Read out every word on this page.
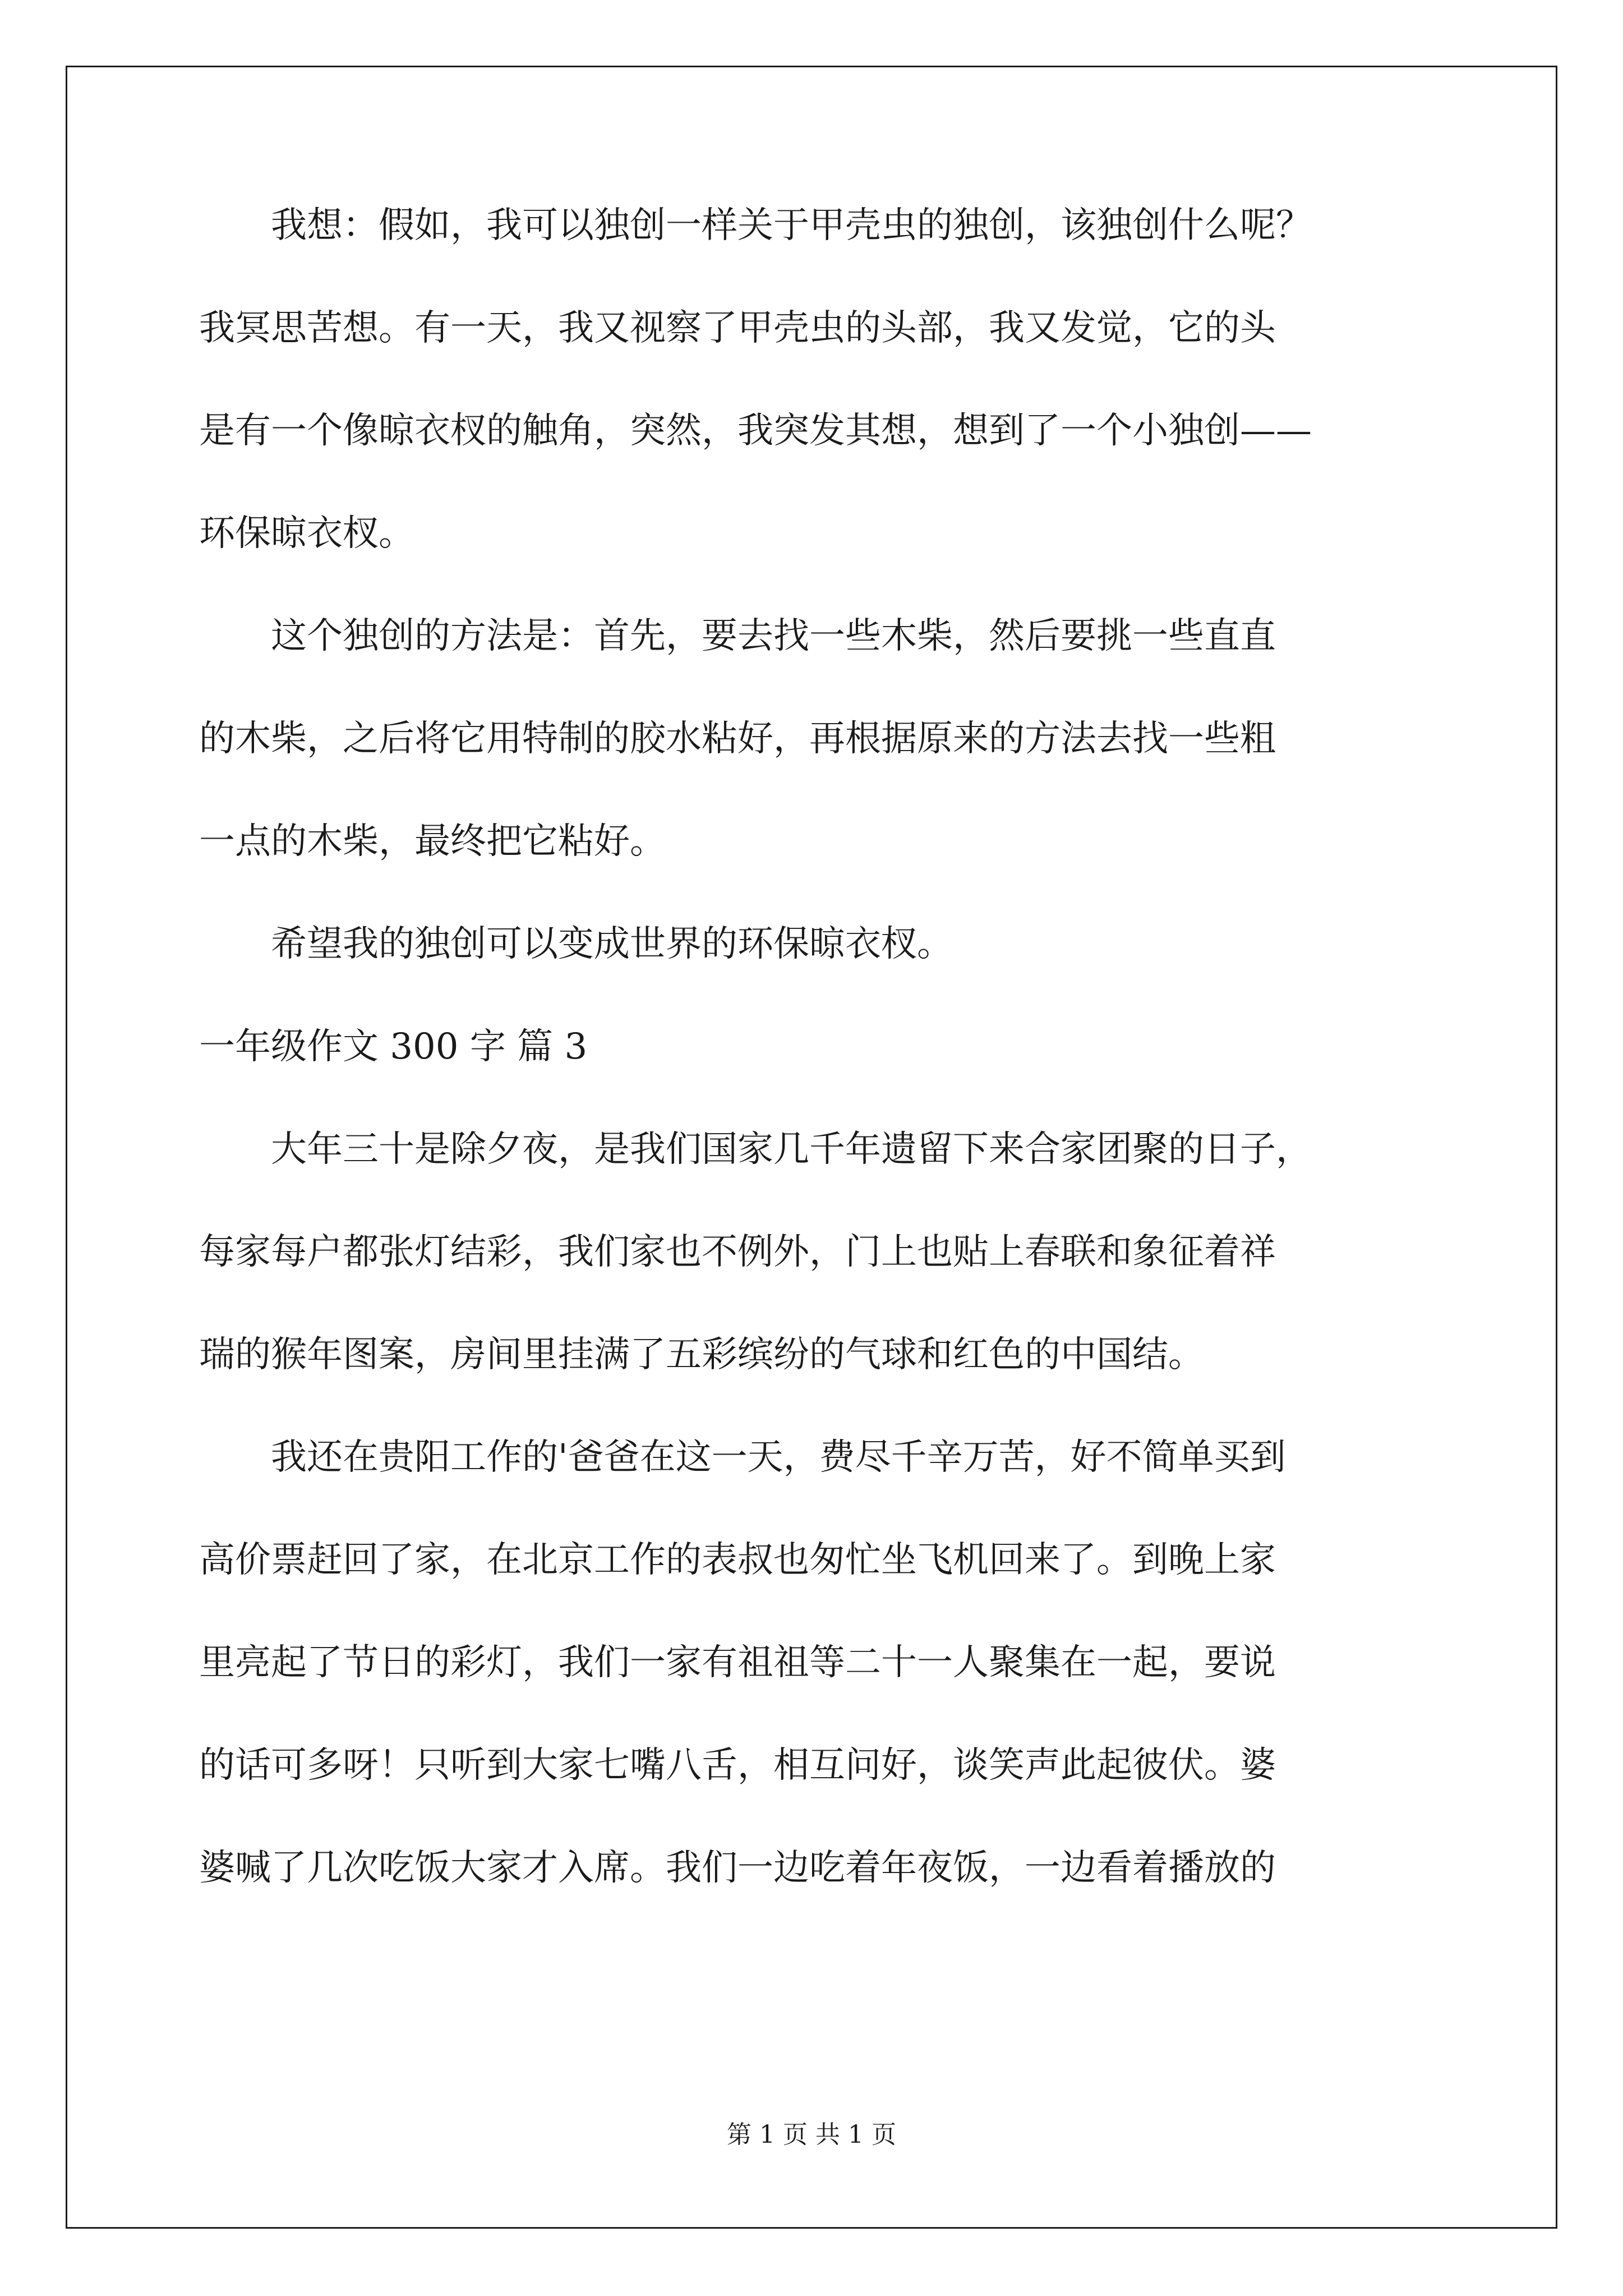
　　我想：假如，我可以独创一样关于甲壳虫的独创，该独创什么呢？
我冥思苦想。有一天，我又视察了甲壳虫的头部，我又发觉，它的头
是有一个像晾衣杈的触角，突然，我突发其想，想到了一个小独创——
环保晾衣杈。
　　这个独创的方法是：首先，要去找一些木柴，然后要挑一些直直
的木柴，之后将它用特制的胶水粘好，再根据原来的方法去找一些粗
一点的木柴，最终把它粘好。
　　希望我的独创可以变成世界的环保晾衣杈。
一年级作文 300 字 篇 3
　　大年三十是除夕夜，是我们国家几千年遗留下来合家团聚的日子，
每家每户都张灯结彩，我们家也不例外，门上也贴上春联和象征着祥
瑞的猴年图案，房间里挂满了五彩缤纷的气球和红色的中国结。
　　我还在贵阳工作的'爸爸在这一天，费尽千辛万苦，好不简单买到
高价票赶回了家，在北京工作的表叔也匆忙坐飞机回来了。到晚上家
里亮起了节日的彩灯，我们一家有祖祖等二十一人聚集在一起，要说
的话可多呀！只听到大家七嘴八舌，相互问好，谈笑声此起彼伏。婆
婆喊了几次吃饭大家才入席。我们一边吃着年夜饭，一边看着播放的
第 1 页 共 1 页
